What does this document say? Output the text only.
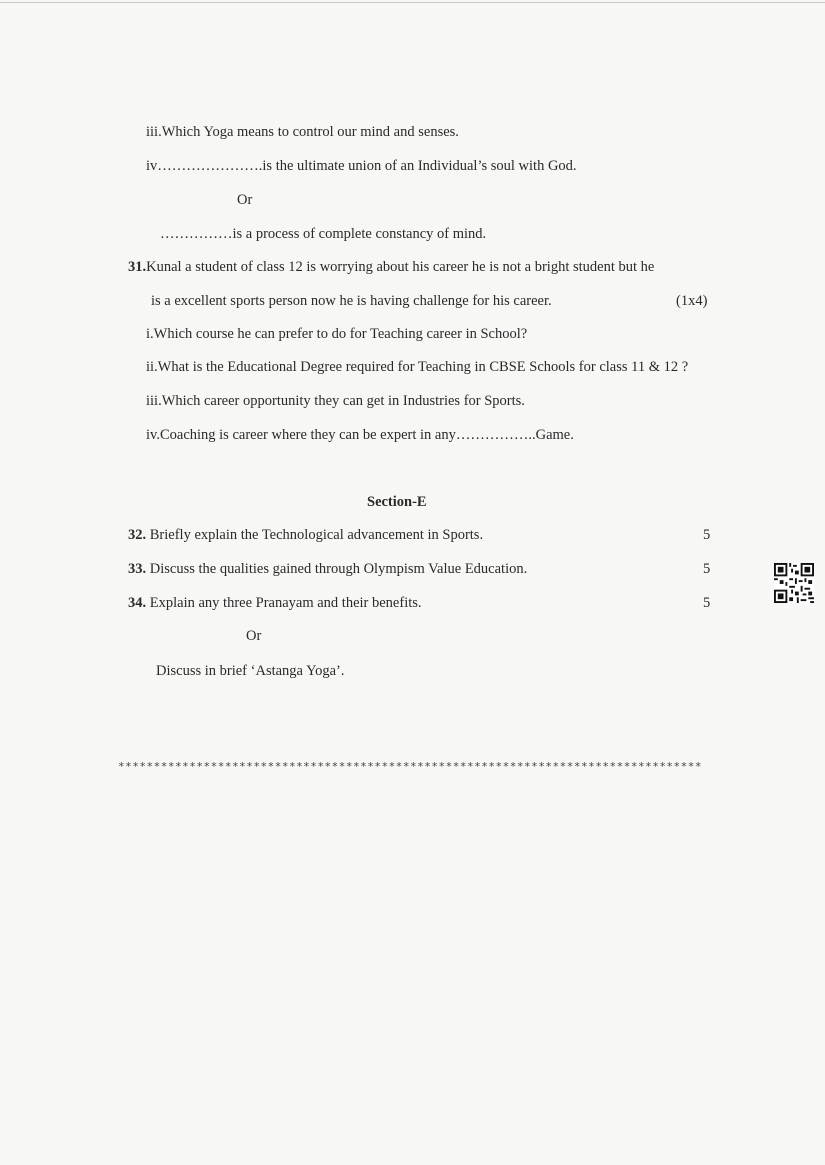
iii.Which Yoga means to control our mind and senses.
iv………………….is the ultimate union of an Individual’s soul with God.
Or
……………is a process of complete constancy of mind.
31.Kunal a student of class 12 is worrying about his career he is not a bright student but he
is a excellent sports person now he is having challenge for his career.	(1x4)
i.Which course he can prefer to do for Teaching career in School?
ii.What is the Educational Degree required for Teaching in CBSE Schools for class 11 & 12 ?
iii.Which career opportunity they can get in Industries for Sports.
iv.Coaching is career where they can be expert in any……………..Game.
Section-E
32. Briefly explain the Technological advancement in Sports.	5
33. Discuss the qualities gained through Olympism Value Education.	5
34. Explain any three Pranayam and their benefits.	5
Or
Discuss in brief ‘Astanga Yoga’.
**********************************************************************************
